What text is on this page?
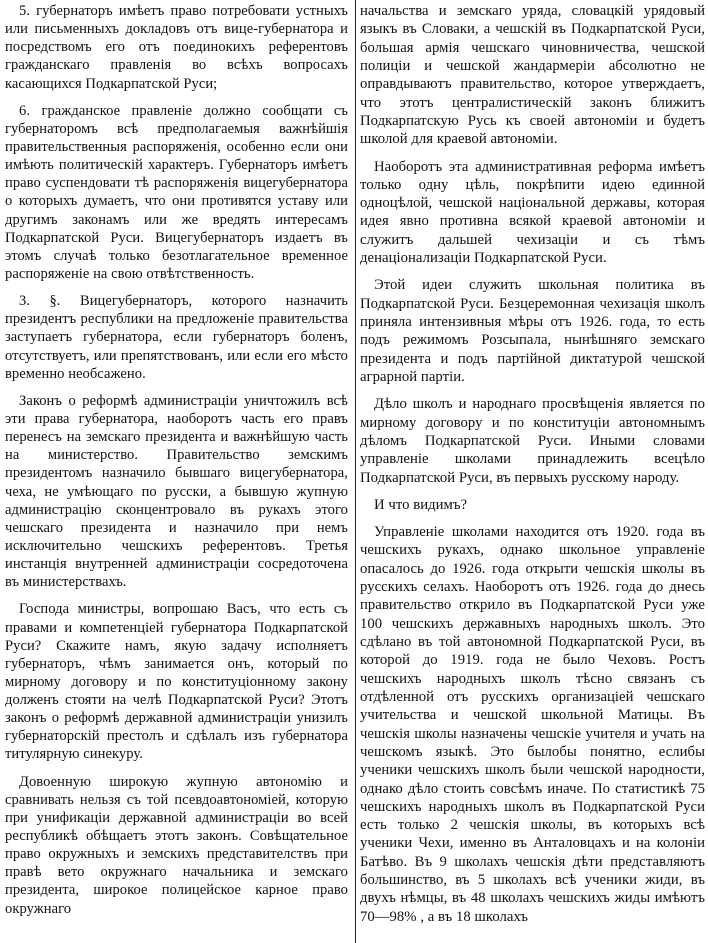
5. губернаторъ имѣетъ право потребовати устныхъ или письменныхъ докладовъ отъ вице-губернатора и посредствомъ его отъ поединокихъ референтовъ гражданскаго правленія во всѣхъ вопросахъ касающихся Подкарпатской Руси;

6. гражданское правленіе должно сообщати съ губернаторомъ всѣ предполагаемыя важнѣйшія правительственныя распоряженія, особенно если они имѣють политическій характеръ. Губернаторъ имѣетъ право суспендовати тѣ распоряженія вицегубернатора о которыхъ думаетъ, что они противятся уставу или другимъ законамъ или же вредять интересамъ Подкарпатской Руси. Вицегубернаторъ издаетъ въ этомъ случаѣ только безотлагательное временное распоряженіе на свою отвѣтственность.

3. §. Вицегубернаторъ, которого назначить президентъ республики на предложеніе правительства заступаетъ губернатора, если губернаторъ боленъ, отсутствуетъ, или препятствованъ, или если его мѣсто временно необсажено.

Законъ о реформѣ администраціи уничтожилъ всѣ эти права губернатора, наоборотъ часть его правъ перенесъ на земскаго президента и важнѣйшую часть на министерство. Правительство земскимъ президентомъ назначило бывшаго вицегубернатора, чеха, не умѣющаго по русски, а бывшую жупную администрацію сконцентровало въ рукахъ этого чешскаго президента и назначило при немъ исключительно чешскихъ референтовъ. Третья инстанція внутренней администраціи сосредоточена въ министерствахъ.

Господа министры, вопрошаю Васъ, что есть съ правами и компетенціей губернатора Подкарпатской Руси? Скажите намъ, якую задачу исполняетъ губернаторъ, чѣмъ занимается онъ, который по мирному договору и по конституціонному закону долженъ стояти на челѣ Подкарпатской Руси? Этотъ законъ о реформѣ державной администраціи унизилъ губернаторскій престолъ и сдѣлалъ изъ губернатора титулярную синекуру.

Довоенную широкую жупную автономію и сравнивать нельзя съ той псевдоавтономіей, которую при унификаціи державной администраціи во всей республикѣ обѣщаетъ этотъ законъ. Совѣщательное право окружныхъ и земскихъ представителствъ при правѣ вето окружнаго начальника и земскаго президента, широкое полицейское карное право окружнаго

начальства и земскаго уряда, словацкій урядовый языкъ въ Словаки, а чешскій въ Подкарпатской Руси, большая армія чешскаго чиновничества, чешской полиціи и чешской жандармеріи абсолютно не оправдываютъ правительство, которое утверждаетъ, что этотъ централистическій законъ ближитъ Подкарпатскую Русь къ своей автономіи и будетъ школой для краевой автономіи.

Наоборотъ эта административная реформа имѣетъ только одну цѣль, покрѣпити идею единной одноцѣлой, чешской національной державы, которая идея явно противна всякой краевой автономіи и служитъ дальшей чехизаціи и съ тѣмъ денаціонализаціи Подкарпатской Руси.

Этой идеи служить школьная политика въ Подкарпатской Руси. Безцеремонная чехизація школъ приняла интензивныя мѣры отъ 1926. года, то есть подъ режимомъ Розсыпала, нынѣшняго земскаго президента и подъ партійной диктатурой чешской аграрной партіи.

Дѣло школъ и народнаго просвѣщенія является по мирному договору и по конституціи автономнымъ дѣломъ Подкарпатской Руси. Иными словами управленіе школами принадлежить всецѣло Подкарпатской Руси, въ первыхъ русскому народу.

И что видимъ?

Управленіе школами находится отъ 1920. года въ чешскихъ рукахъ, однако школьное управленіе опасалось до 1926. года открыти чешскія школы въ русскихъ селахъ. Наоборотъ отъ 1926. года до днесь правительство открило въ Подкарпатской Руси уже 100 чешскихъ державныхъ народныхъ школъ. Это сдѣлано въ той автономной Подкарпатской Руси, въ которой до 1919. года не было Чеховъ. Ростъ чешскихъ народныхъ школъ тѣсно связанъ съ отдѣленной отъ русскихъ организаціей чешскаго учительства и чешской школьной Матицы. Въ чешскія школы назначены чешскіе учителя и учать на чешскомъ языкѣ. Это былобы понятно, еслибы ученики чешскихъ школъ были чешской народности, однако дѣло стоить совсѣмъ иначе. По статистикѣ 75 чешскихъ народныхъ школъ въ Подкарпатской Руси есть только 2 чешскія школы, въ которыхъ всѣ ученики Чехи, именно въ Анталовцахъ и на колоніи Батѣво. Въ 9 школахъ чешскія дѣти представляютъ большинство, въ 5 школахъ всѣ ученики жиди, въ двухъ нѣмцы, въ 48 школахъ чешскихъ жиды имѣютъ 70—98% , а въ 18 школахъ
